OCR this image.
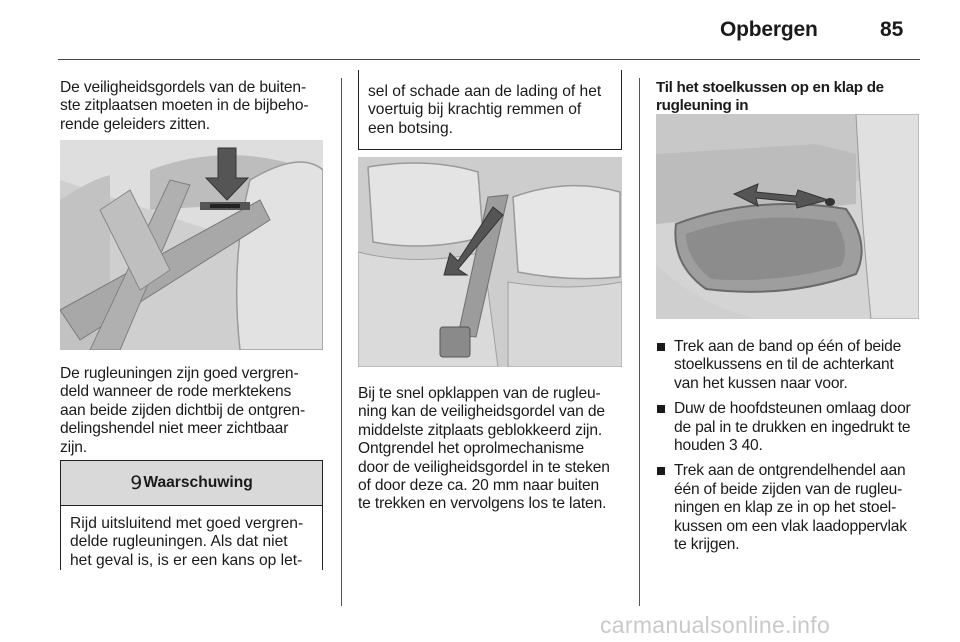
Opbergen	85
De veiligheidsgordels van de buiten-
ste zitplaatsen moeten in de bijbeho-
rende geleiders zitten.
De rugleuningen zijn goed vergren-
deld wanneer de rode merktekens
aan beide zijden dichtbij de ontgren-
delingshendel niet meer zichtbaar
zijn.
9 Waarschuwing
Rijd uitsluitend met goed vergren-
delde rugleuningen. Als dat niet
het geval is, is er een kans op let-
sel of schade aan de lading of het
voertuig bij krachtig remmen of
een botsing.
Bij te snel opklappen van de rugleu-
ning kan de veiligheidsgordel van de
middelste zitplaats geblokkeerd zijn.
Ontgrendel het oprolmechanisme
door de veiligheidsgordel in te steken
of door deze ca. 20 mm naar buiten
te trekken en vervolgens los te laten.
Til het stoelkussen op en klap de
rugleuning in
Trek aan de band op één of beide
stoelkussens en til de achterkant
van het kussen naar voor.
Duw de hoofdsteunen omlaag door
de pal in te drukken en ingedrukt te
houden 3 40.
Trek aan de ontgrendelhendel aan
één of beide zijden van de rugleu-
ningen en klap ze in op het stoel-
kussen om een vlak laadoppervlak
te krijgen.
carmanualsonline.info
